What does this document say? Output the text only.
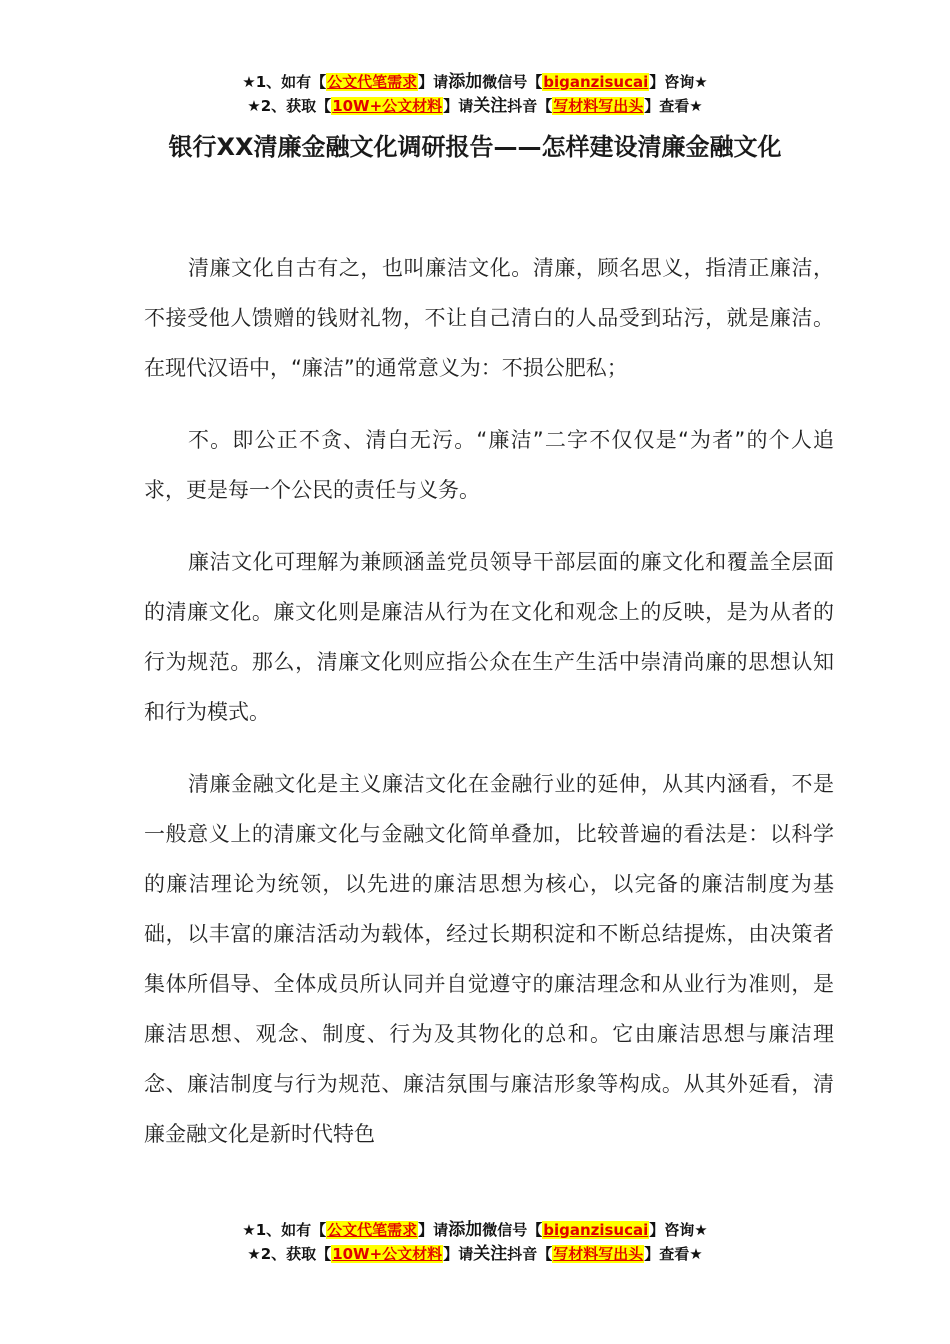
★1、如有【公文代笔需求】请添加微信号【biganzisucai】咨询★
★2、获取【10W+公文材料】请关注抖音【写材料写出头】查看★
银行XX清廉金融文化调研报告——怎样建设清廉金融文化

清廉文化自古有之，也叫廉洁文化。清廉，顾名思义，指清正廉洁，不接受他人馈赠的钱财礼物，不让自己清白的人品受到玷污，就是廉洁。在现代汉语中，“廉洁”的通常意义为：不损公肥私；

不。即公正不贪、清白无污。“廉洁”二字不仅仅是“为者”的个人追求，更是每一个公民的责任与义务。

廉洁文化可理解为兼顾涵盖党员领导干部层面的廉文化和覆盖全层面的清廉文化。廉文化则是廉洁从行为在文化和观念上的反映，是为从者的行为规范。那么，清廉文化则应指公众在生产生活中崇清尚廉的思想认知和行为模式。

清廉金融文化是主义廉洁文化在金融行业的延伸，从其内涵看，不是一般意义上的清廉文化与金融文化简单叠加，比较普遍的看法是：以科学的廉洁理论为统领，以先进的廉洁思想为核心，以完备的廉洁制度为基础，以丰富的廉洁活动为载体，经过长期积淀和不断总结提炼，由决策者集体所倡导、全体成员所认同并自觉遵守的廉洁理念和从业行为准则，是廉洁思想、观念、制度、行为及其物化的总和。它由廉洁思想与廉洁理念、廉洁制度与行为规范、廉洁氛围与廉洁形象等构成。从其外延看，清廉金融文化是新时代特色

★1、如有【公文代笔需求】请添加微信号【biganzisucai】咨询★
★2、获取【10W+公文材料】请关注抖音【写材料写出头】查看★
